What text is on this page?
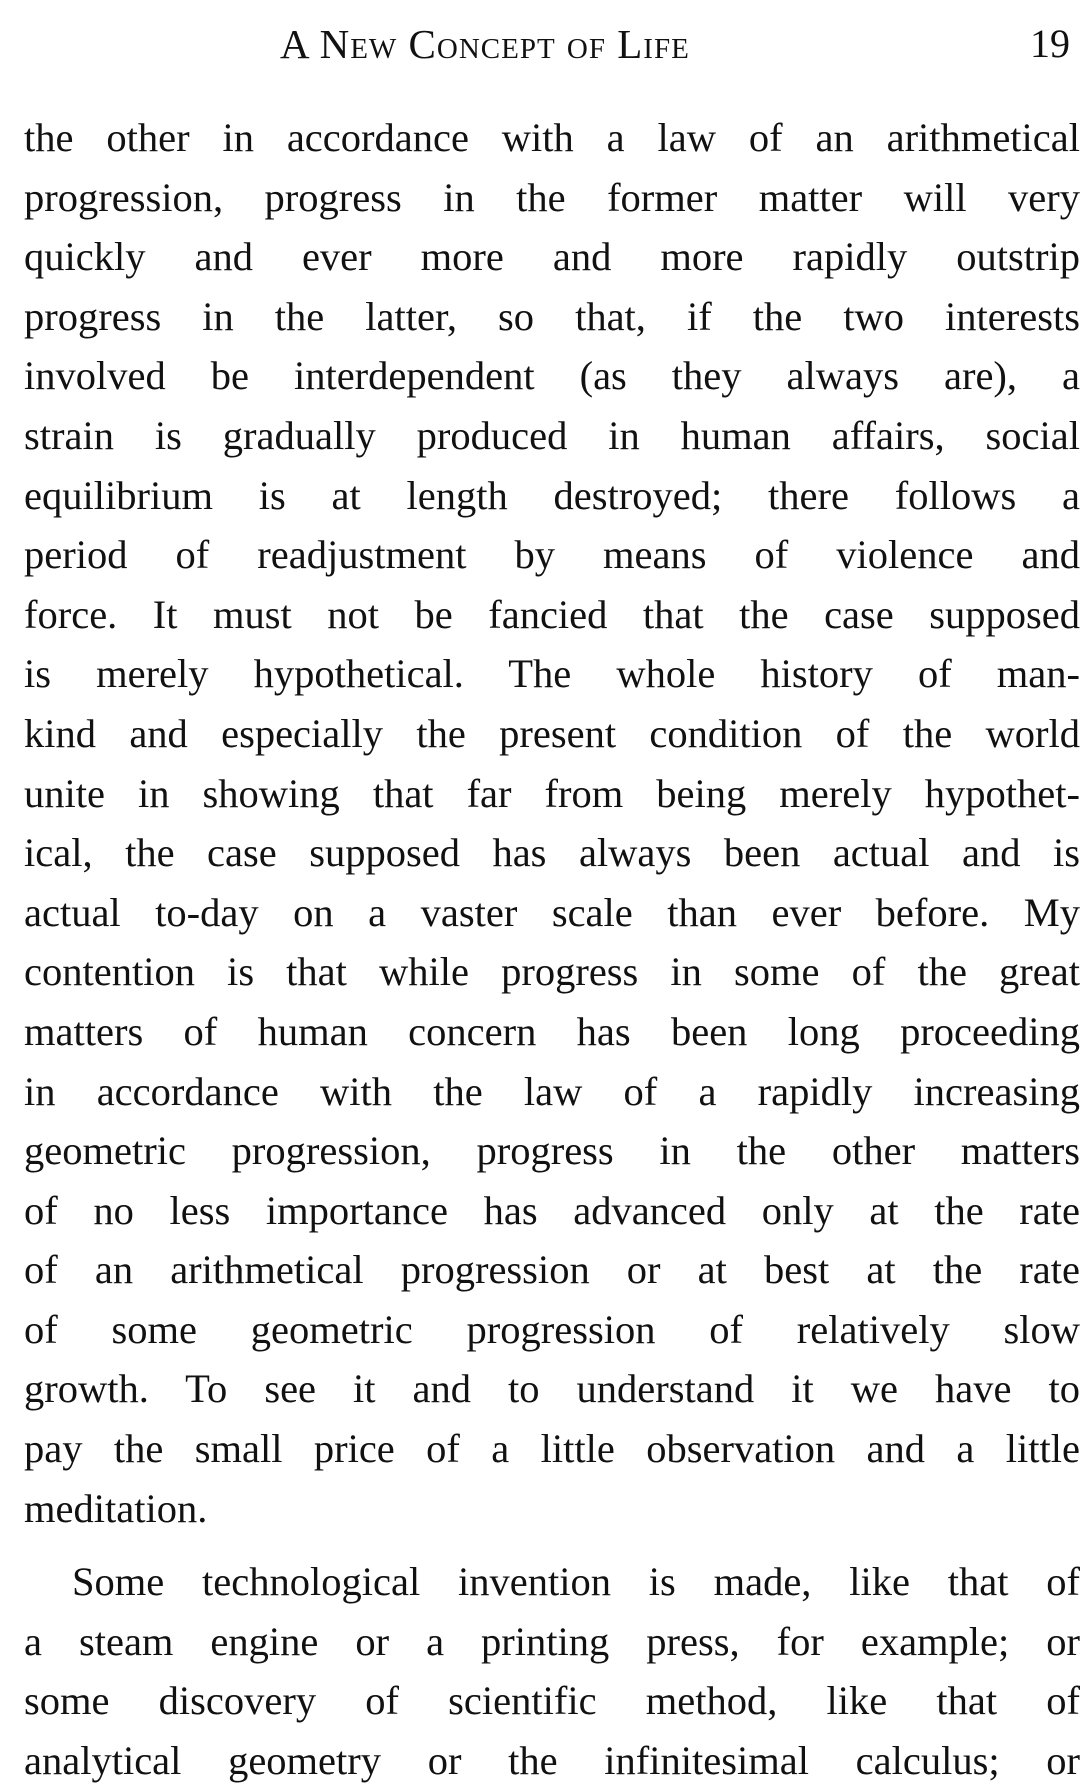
A New Concept of Life	19
the other in accordance with a law of an arithmetical
progression, progress in the former matter will very
quickly and ever more and more rapidly outstrip
progress in the latter, so that, if the two interests
involved be interdependent (as they always are), a
strain is gradually produced in human affairs, social
equilibrium is at length destroyed; there follows a
period of readjustment by means of violence and
force. It must not be fancied that the case supposed
is merely hypothetical. The whole history of man-
kind and especially the present condition of the world
unite in showing that far from being merely hypothet-
ical, the case supposed has always been actual and is
actual to-day on a vaster scale than ever before. My
contention is that while progress in some of the great
matters of human concern has been long proceeding
in accordance with the law of a rapidly increasing
geometric progression, progress in the other matters
of no less importance has advanced only at the rate
of an arithmetical progression or at best at the rate
of some geometric progression of relatively slow
growth. To see it and to understand it we have to
pay the small price of a little observation and a little
meditation.
Some technological invention is made, like that of
a steam engine or a printing press, for example; or
some discovery of scientific method, like that of
analytical geometry or the infinitesimal calculus; or
